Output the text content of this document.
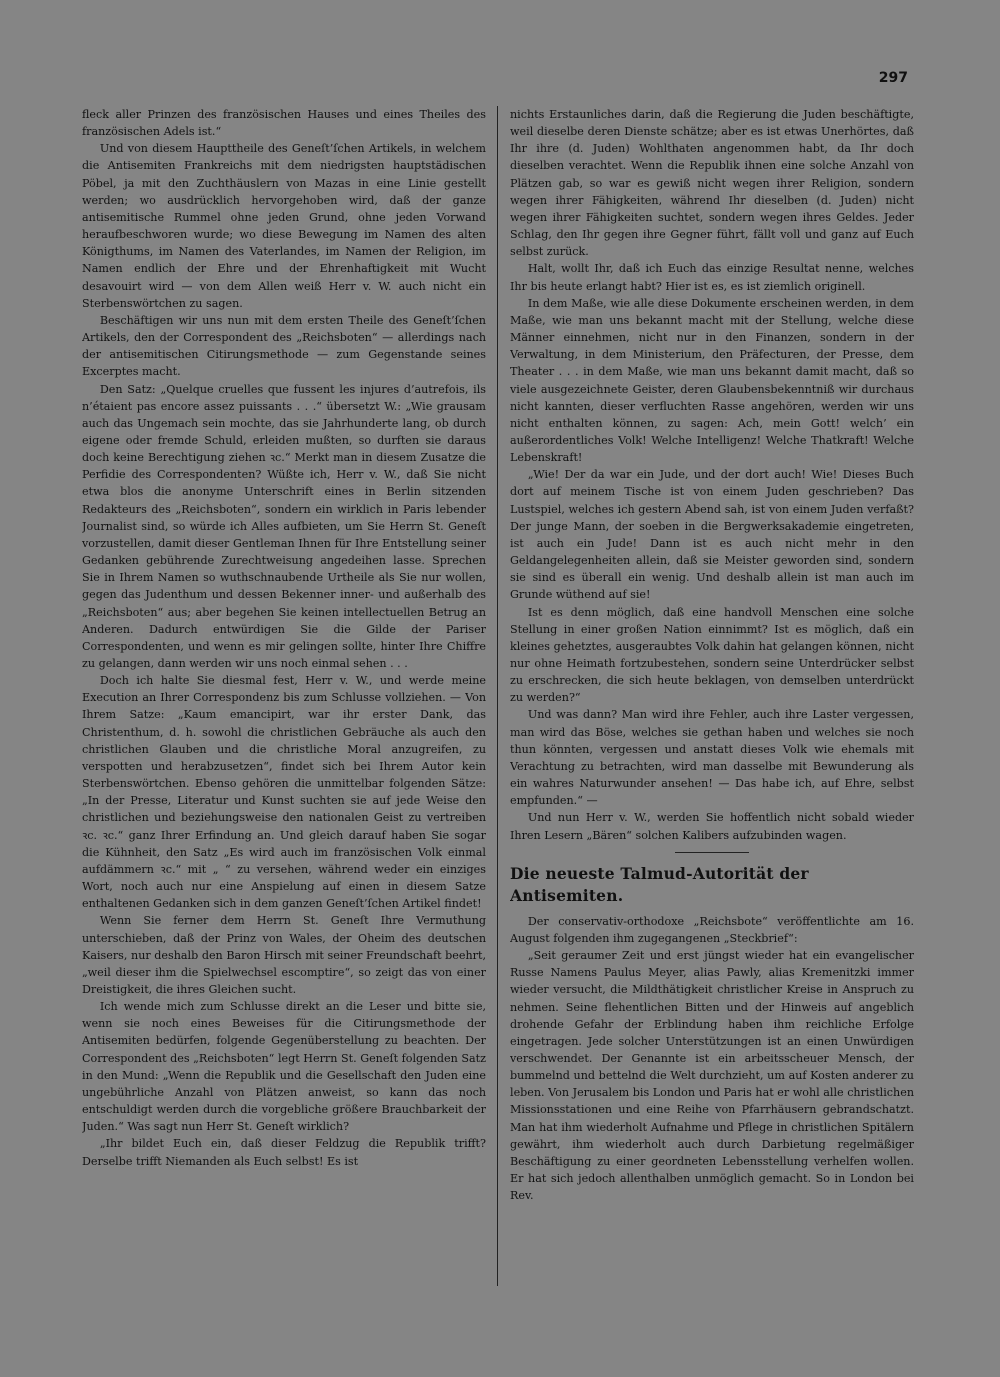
297

fleck aller Prinzen des französischen Hauses und eines Theiles des französischen Adels ist.“

Und von diesem Haupttheile des Geneſt’ſchen Artikels, in welchem die Antisemiten Frankreichs mit dem niedrigsten hauptstädischen Pöbel, ja mit den Zuchthäuslern von Mazas in eine Linie gestellt werden; wo ausdrücklich hervorgehoben wird, daß der ganze antisemitische Rummel ohne jeden Grund, ohne jeden Vorwand heraufbeschworen wurde; wo diese Bewegung im Namen des alten Königthums, im Namen des Vaterlandes, im Namen der Religion, im Namen endlich der Ehre und der Ehrenhaftigkeit mit Wucht desavouirt wird — von dem Allen weiß Herr v. W. auch nicht ein Sterbenswörtchen zu sagen.

Beschäftigen wir uns nun mit dem ersten Theile des Geneſt’ſchen Artikels, den der Correspondent des „Reichsboten“ — allerdings nach der antisemitischen Citirungsmethode — zum Gegenstande seines Excerptes macht.

Den Satz: „Quelque cruelles que fussent les injures d’autrefois, ils n’étaient pas encore assez puissants . . .“ übersetzt W.: „Wie grausam auch das Ungemach sein mochte, das sie Jahrhunderte lang, ob durch eigene oder fremde Schuld, erleiden mußten, so durften sie daraus doch keine Berechtigung ziehen ꝛc.“ Merkt man in diesem Zusatze die Perfidie des Correspondenten? Wüßte ich, Herr v. W., daß Sie nicht etwa blos die anonyme Unterschrift eines in Berlin sitzenden Redakteurs des „Reichsboten“, sondern ein wirklich in Paris lebender Journalist sind, so würde ich Alles aufbieten, um Sie Herrn St. Geneſt vorzustellen, damit dieser Gentleman Ihnen für Ihre Entstellung seiner Gedanken gebührende Zurechtweisung angedeihen lasse. Sprechen Sie in Ihrem Namen so wuthschnaubende Urtheile als Sie nur wollen, gegen das Judenthum und dessen Bekenner inner- und außerhalb des „Reichsboten“ aus; aber begehen Sie keinen intellectuellen Betrug an Anderen. Dadurch entwürdigen Sie die Gilde der Pariser Correspondenten, und wenn es mir gelingen sollte, hinter Ihre Chiffre zu gelangen, dann werden wir uns noch einmal sehen . . .

Doch ich halte Sie diesmal fest, Herr v. W., und werde meine Execution an Ihrer Correspondenz bis zum Schlusse vollziehen. — Von Ihrem Satze: „Kaum emancipirt, war ihr erster Dank, das Christenthum, d. h. sowohl die christlichen Gebräuche als auch den christlichen Glauben und die christliche Moral anzugreifen, zu verspotten und herabzusetzen“, findet sich bei Ihrem Autor kein Sterbenswörtchen. Ebenso gehören die unmittelbar folgenden Sätze: „In der Presse, Literatur und Kunst suchten sie auf jede Weise den christlichen und beziehungsweise den nationalen Geist zu vertreiben ꝛc. ꝛc.“ ganz Ihrer Erfindung an. Und gleich darauf haben Sie sogar die Kühnheit, den Satz „Es wird auch im französischen Volk einmal aufdämmern ꝛc.“ mit „ “ zu versehen, während weder ein einziges Wort, noch auch nur eine Anspielung auf einen in diesem Satze enthaltenen Gedanken sich in dem ganzen Geneſt’ſchen Artikel findet!

Wenn Sie ferner dem Herrn St. Geneſt Ihre Vermuthung unterschieben, daß der Prinz von Wales, der Oheim des deutschen Kaisers, nur deshalb den Baron Hirsch mit seiner Freundschaft beehrt, „weil dieser ihm die Spielwechsel escomptire“, so zeigt das von einer Dreistigkeit, die ihres Gleichen sucht.

Ich wende mich zum Schlusse direkt an die Leser und bitte sie, wenn sie noch eines Beweises für die Citirungsmethode der Antisemiten bedürfen, folgende Gegenüberstellung zu beachten. Der Correspondent des „Reichsboten“ legt Herrn St. Geneſt folgenden Satz in den Mund: „Wenn die Republik und die Gesellschaft den Juden eine ungebührliche Anzahl von Plätzen anweist, so kann das noch entschuldigt werden durch die vorgebliche größere Brauchbarkeit der Juden.“ Was sagt nun Herr St. Geneſt wirklich?

„Ihr bildet Euch ein, daß dieser Feldzug die Republik trifft? Derselbe trifft Niemanden als Euch selbst! Es ist

nichts Erstaunliches darin, daß die Regierung die Juden beschäftigte, weil dieselbe deren Dienste schätze; aber es ist etwas Unerhörtes, daß Ihr ihre (d. Juden) Wohlthaten angenommen habt, da Ihr doch dieselben verachtet. Wenn die Republik ihnen eine solche Anzahl von Plätzen gab, so war es gewiß nicht wegen ihrer Religion, sondern wegen ihrer Fähigkeiten, während Ihr dieselben (d. Juden) nicht wegen ihrer Fähigkeiten suchtet, sondern wegen ihres Geldes. Jeder Schlag, den Ihr gegen ihre Gegner führt, fällt voll und ganz auf Euch selbst zurück.

Halt, wollt Ihr, daß ich Euch das einzige Resultat nenne, welches Ihr bis heute erlangt habt? Hier ist es, es ist ziemlich originell.

In dem Maße, wie alle diese Dokumente erscheinen werden, in dem Maße, wie man uns bekannt macht mit der Stellung, welche diese Männer einnehmen, nicht nur in den Finanzen, sondern in der Verwaltung, in dem Ministerium, den Präfecturen, der Presse, dem Theater . . . in dem Maße, wie man uns bekannt damit macht, daß so viele ausgezeichnete Geister, deren Glaubensbekenntniß wir durchaus nicht kannten, dieser verfluchten Rasse angehören, werden wir uns nicht enthalten können, zu sagen: Ach, mein Gott! welch’ ein außerordentliches Volk! Welche Intelligenz! Welche Thatkraft! Welche Lebenskraft!

„Wie! Der da war ein Jude, und der dort auch! Wie! Dieses Buch dort auf meinem Tische ist von einem Juden geschrieben? Das Lustspiel, welches ich gestern Abend sah, ist von einem Juden verfaßt? Der junge Mann, der soeben in die Bergwerksakademie eingetreten, ist auch ein Jude! Dann ist es auch nicht mehr in den Geldangelegenheiten allein, daß sie Meister geworden sind, sondern sie sind es überall ein wenig. Und deshalb allein ist man auch im Grunde wüthend auf sie!

Ist es denn möglich, daß eine handvoll Menschen eine solche Stellung in einer großen Nation einnimmt? Ist es möglich, daß ein kleines gehetztes, ausgeraubtes Volk dahin hat gelangen können, nicht nur ohne Heimath fortzubestehen, sondern seine Unterdrücker selbst zu erschrecken, die sich heute beklagen, von demselben unterdrückt zu werden?“

Und was dann? Man wird ihre Fehler, auch ihre Laster vergessen, man wird das Böse, welches sie gethan haben und welches sie noch thun könnten, vergessen und anstatt dieses Volk wie ehemals mit Verachtung zu betrachten, wird man dasselbe mit Bewunderung als ein wahres Naturwunder ansehen! — Das habe ich, auf Ehre, selbst empfunden.“ —

Und nun Herr v. W., werden Sie hoffentlich nicht sobald wieder Ihren Lesern „Bären“ solchen Kalibers aufzubinden wagen.

Die neueste Talmud-Autorität der Antisemiten.

Der conservativ-orthodoxe „Reichsbote“ veröffentlichte am 16. August folgenden ihm zugegangenen „Steckbrief“:

„Seit geraumer Zeit und erst jüngst wieder hat ein evangelischer Russe Namens Paulus Meyer, alias Pawly, alias Kremenitzki immer wieder versucht, die Mildthätigkeit christlicher Kreise in Anspruch zu nehmen. Seine flehentlichen Bitten und der Hinweis auf angeblich drohende Gefahr der Erblindung haben ihm reichliche Erfolge eingetragen. Jede solcher Unterstützungen ist an einen Unwürdigen verschwendet. Der Genannte ist ein arbeitsscheuer Mensch, der bummelnd und bettelnd die Welt durchzieht, um auf Kosten anderer zu leben. Von Jerusalem bis London und Paris hat er wohl alle christlichen Missionsstationen und eine Reihe von Pfarrhäusern gebrandschatzt. Man hat ihm wiederholt Aufnahme und Pflege in christlichen Spitälern gewährt, ihm wiederholt auch durch Darbietung regelmäßiger Beschäftigung zu einer geordneten Lebensstellung verhelfen wollen. Er hat sich jedoch allenthalben unmöglich gemacht. So in London bei Rev.
